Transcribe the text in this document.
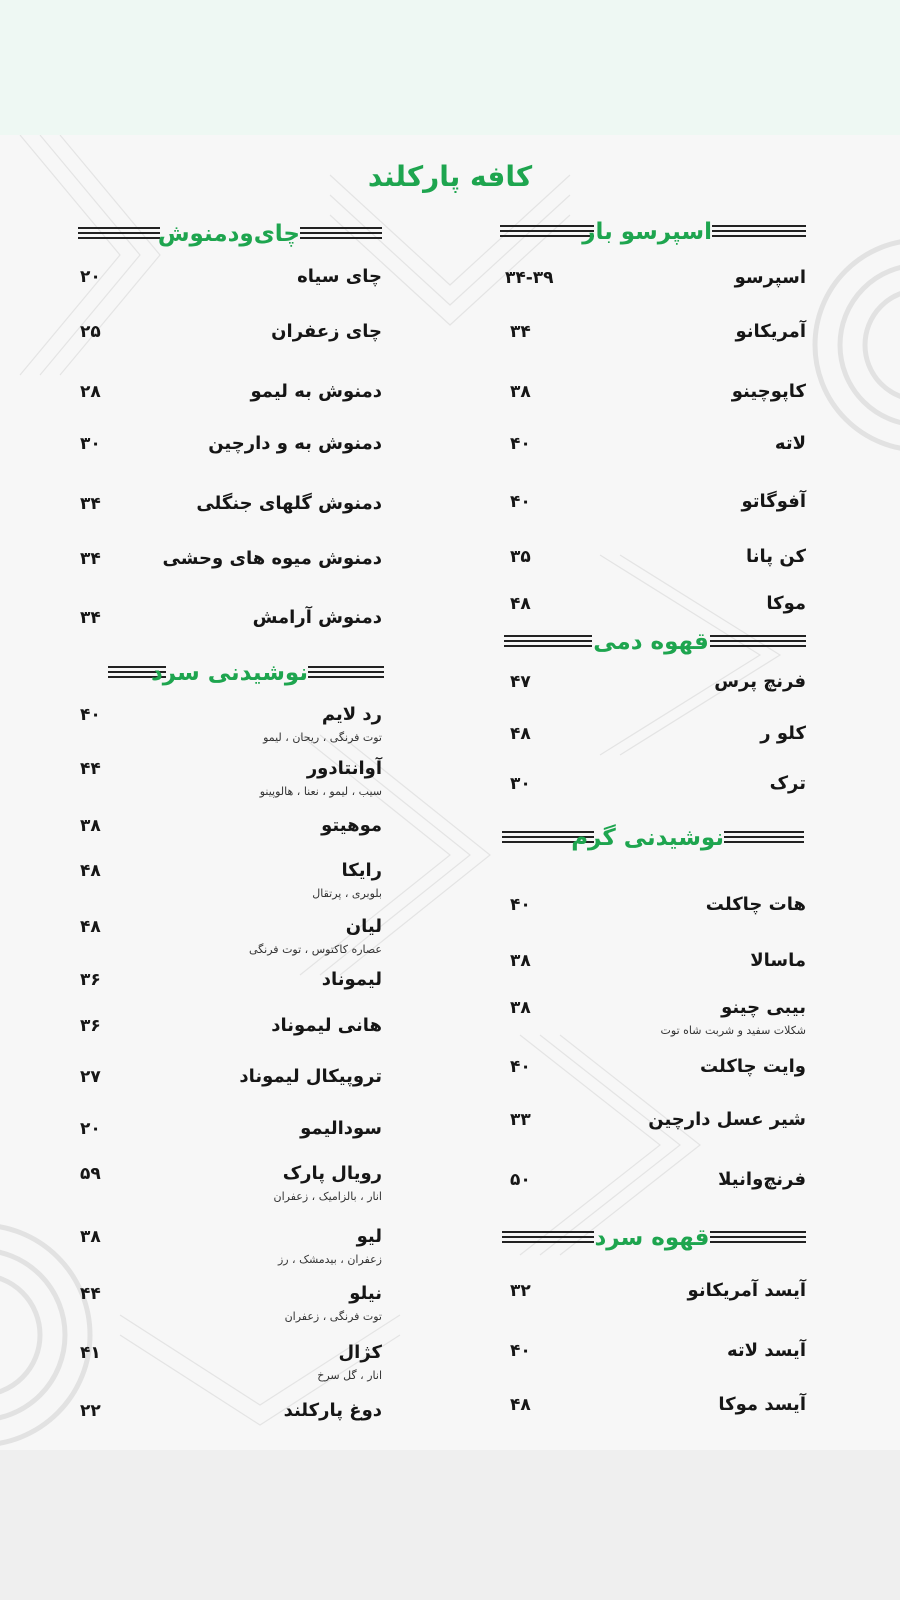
کافه پارکلند
اسپرسو بار
اسپرسو
۳۴-۳۹
آمریکانو
۳۴
کاپوچینو
۳۸
لاته
۴۰
آفوگاتو
۴۰
کن پانا
۳۵
موکا
۴۸
قهوه دمی
فرنچ پرس
۴۷
کلو ر
۴۸
ترک
۳۰
نوشیدنی گرم
هات چاکلت
۴۰
ماسالا
۳۸
بیبی چینو
شکلات سفید و شربت شاه توت
۳۸
وایت چاکلت
۴۰
شیر عسل دارچین
۳۳
فرنچ‌وانیلا
۵۰
قهوه سرد
آیسد آمریکانو
۳۲
آیسد لاته
۴۰
آیسد موکا
۴۸
چای‌ودمنوش
چای سیاه
۲۰
چای زعفران
۲۵
دمنوش به لیمو
۲۸
دمنوش به و دارچین
۳۰
دمنوش گلهای جنگلی
۳۴
دمنوش میوه های وحشی
۳۴
دمنوش آرامش
۳۴
نوشیدنی سرد
رد لایم
توت فرنگی ، ریحان ، لیمو
۴۰
آوانتادور
سیب ، لیمو ، نعنا ، هالوپینو
۴۴
موهیتو
۳۸
رایکا
بلوبری ، پرتقال
۴۸
لیان
عصاره کاکتوس ، توت فرنگی
۴۸
لیموناد
۳۶
هانی لیموناد
۳۶
تروپیکال لیموناد
۲۷
سودالیمو
۲۰
رویال پارک
انار ، بالزامیک ، زعفران
۵۹
لیو
زعفران ، بیدمشک ، رز
۳۸
نیلو
توت فرنگی ، زعفران
۴۴
کژال
انار ، گل سرخ
۴۱
دوغ پارکلند
۲۲
